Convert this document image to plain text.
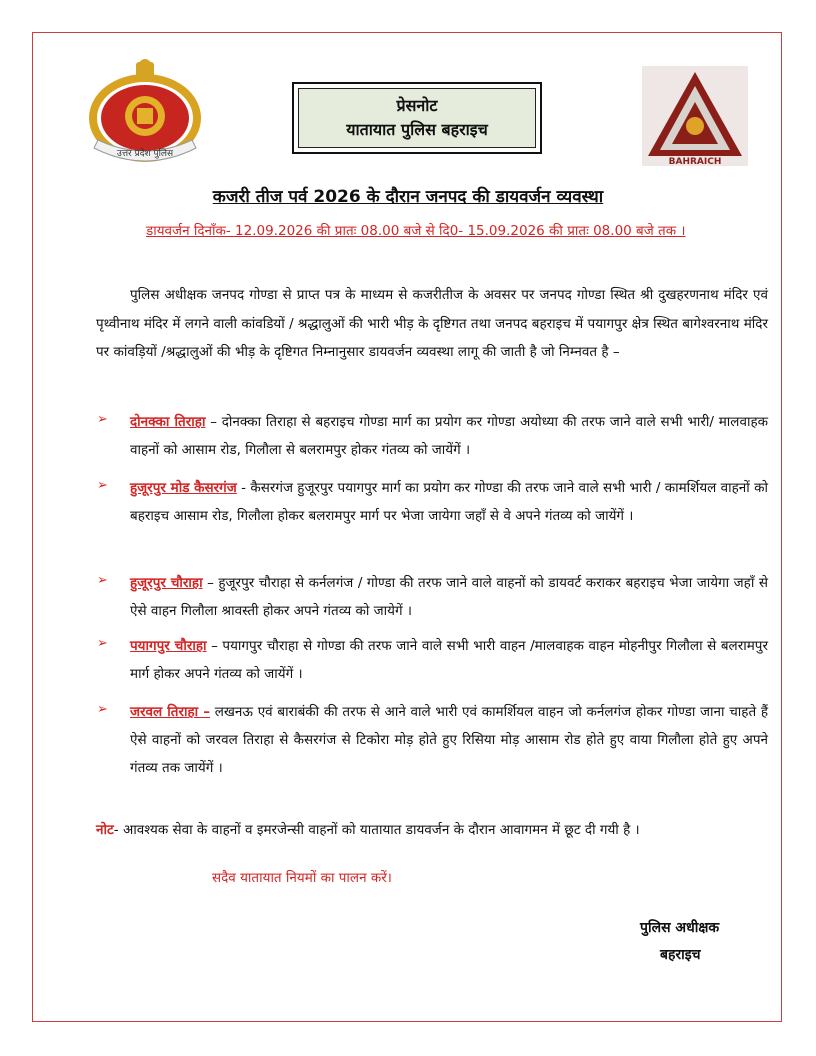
उत्तर प्रदेश पुलिस
प्रेसनोट
यातायात पुलिस बहराइच
BAHRAICH
कजरी तीज पर्व 2026 के दौरान जनपद की डायवर्जन व्यवस्था
डायवर्जन दिनाँक- 12.09.2026 की प्रातः 08.00 बजे से दि0- 15.09.2026 की प्रातः 08.00 बजे तक ।
पुलिस अधीक्षक जनपद गोण्डा से प्राप्त पत्र के माध्यम से कजरीतीज के अवसर पर जनपद गोण्डा स्थित श्री दुखहरणनाथ मंदिर एवं पृथ्वीनाथ मंदिर में लगने वाली कांवडियों / श्रद्धालुओं की भारी भीड़ के दृष्टिगत तथा जनपद बहराइच में पयागपुर क्षेत्र स्थित बागेश्वरनाथ मंदिर पर कांवड़ियों /श्रद्धालुओं की भीड़ के दृष्टिगत निम्नानुसार डायवर्जन व्यवस्था लागू की जाती है जो निम्नवत है –
➢ दोनक्का तिराहा – दोनक्का तिराहा से बहराइच गोण्डा मार्ग का प्रयोग कर गोण्डा अयोध्या की तरफ जाने वाले सभी भारी/ मालवाहक वाहनों को आसाम रोड, गिलौला से बलरामपुर होकर गंतव्य को जायेंगें ।
➢ हुजूरपुर मोड कैसरगंज - कैसरगंज हुजूरपुर पयागपुर मार्ग का प्रयोग कर गोण्डा की तरफ जाने वाले सभी भारी / कामर्शियल वाहनों को बहराइच आसाम रोड, गिलौला होकर बलरामपुर मार्ग पर भेजा जायेगा जहाँ से वे अपने गंतव्य को जायेंगें ।
➢ हुजूरपुर चौराहा – हुजूरपुर चौराहा से कर्नलगंज / गोण्डा की तरफ जाने वाले वाहनों को डायवर्ट कराकर बहराइच भेजा जायेगा जहाँ से ऐसे वाहन गिलौला श्रावस्ती होकर अपने गंतव्य को जायेगें ।
➢ पयागपुर चौराहा – पयागपुर चौराहा से गोण्डा की तरफ जाने वाले सभी भारी वाहन /मालवाहक वाहन मोहनीपुर गिलौला से बलरामपुर मार्ग होकर अपने गंतव्य को जायेंगें ।
➢ जरवल तिराहा – लखनऊ एवं बाराबंकी की तरफ से आने वाले भारी एवं कामर्शियल वाहन जो कर्नलगंज होकर गोण्डा जाना चाहते हैं ऐसे वाहनों को जरवल तिराहा से कैसरगंज से टिकोरा मोड़ होते हुए रिसिया मोड़ आसाम रोड होते हुए वाया गिलौला होते हुए अपने गंतव्य तक जायेंगें ।
नोट- आवश्यक सेवा के वाहनों व इमरजेन्सी वाहनों को यातायात डायवर्जन के दौरान आवागमन में छूट दी गयी है ।
सदैव यातायात नियमों का पालन करें।
पुलिस अधीक्षक
बहराइच
